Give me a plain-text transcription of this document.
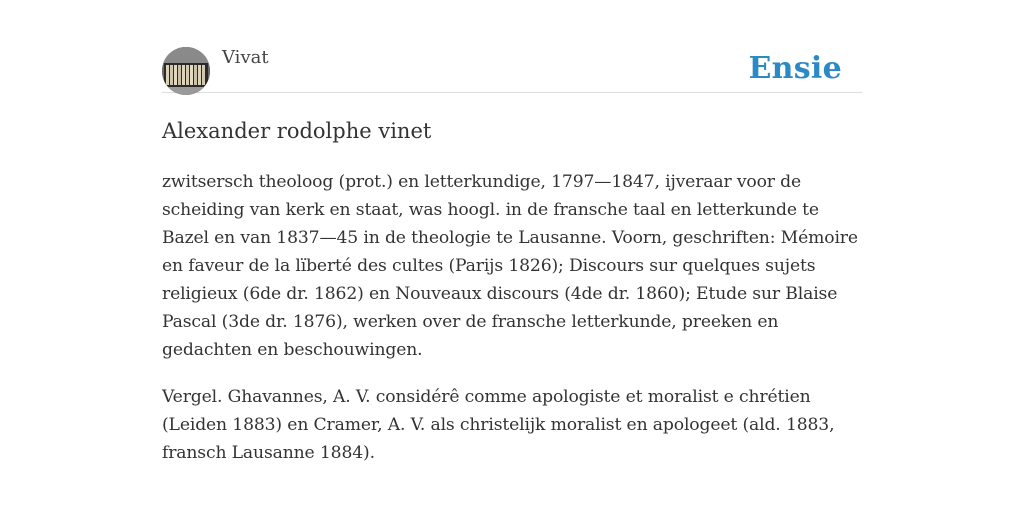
Vivat	Ensie
Alexander rodolphe vinet

zwitsersch theoloog (prot.) en letterkundige, 1797—1847, ijveraar voor de scheiding van kerk en staat, was hoogl. in de fransche taal en letterkunde te Bazel en van 1837—45 in de theologie te Lausanne. Voorn, geschriften: Mémoire en faveur de la lïberté des cultes (Parijs 1826); Discours sur quelques sujets religieux (6de dr. 1862) en Nouveaux discours (4de dr. 1860); Etude sur Blaise Pascal (3de dr. 1876), werken over de fransche letterkunde, preeken en gedachten en beschouwingen.

Vergel. Ghavannes, A. V. considérê comme apologiste et moralist e chrétien (Leiden 1883) en Cramer, A. V. als christelijk moralist en apologeet (ald. 1883, fransch Lausanne 1884).
